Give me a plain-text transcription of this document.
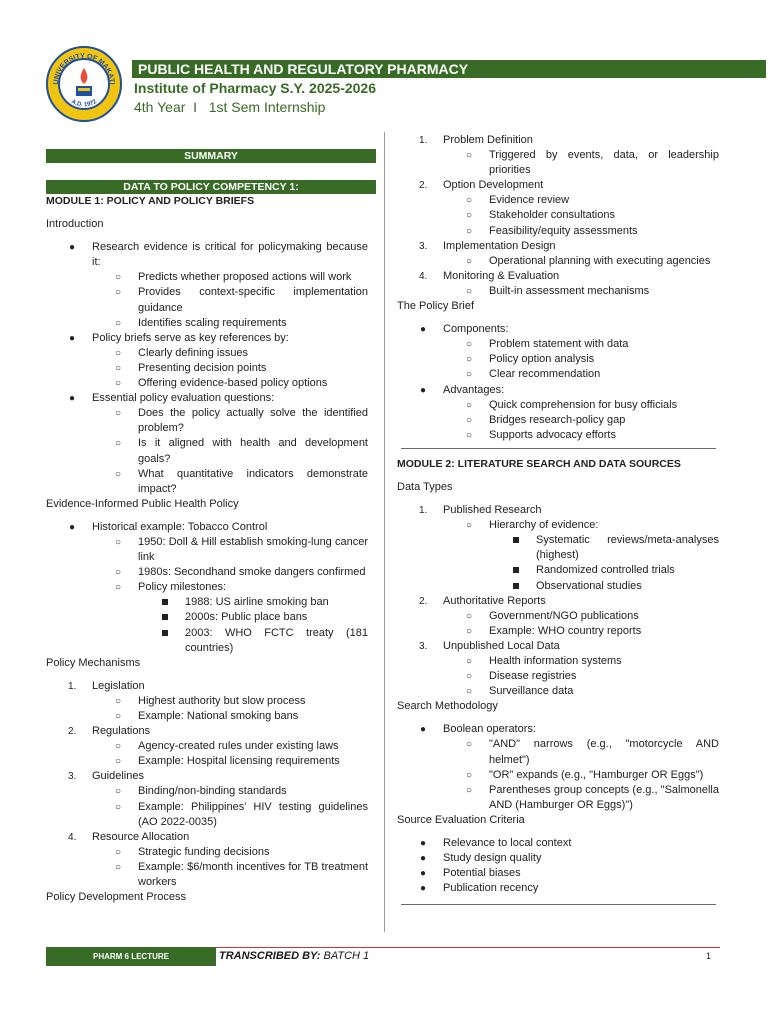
UNIVERSITY OF MAKATI
A.D. 1972
PUBLIC HEALTH AND REGULATORY PHARMACY
Institute of Pharmacy S.Y. 2025-2026
4th Year  I   1st Sem Internship
SUMMARY
DATA TO POLICY COMPETENCY 1:
MODULE 1: POLICY AND POLICY BRIEFS
Introduction
● Research evidence is critical for policymaking because it:
○ Predicts whether proposed actions will work
○ Provides context-specific implementation guidance
○ Identifies scaling requirements
● Policy briefs serve as key references by:
○ Clearly defining issues
○ Presenting decision points
○ Offering evidence-based policy options
● Essential policy evaluation questions:
○ Does the policy actually solve the identified problem?
○ Is it aligned with health and development goals?
○ What quantitative indicators demonstrate impact?
Evidence-Informed Public Health Policy
● Historical example: Tobacco Control
○ 1950: Doll & Hill establish smoking-lung cancer link
○ 1980s: Secondhand smoke dangers confirmed
○ Policy milestones:
1988: US airline smoking ban
2000s: Public place bans
2003: WHO FCTC treaty (181 countries)
Policy Mechanisms
1. Legislation
○ Highest authority but slow process
○ Example: National smoking bans
2. Regulations
○ Agency-created rules under existing laws
○ Example: Hospital licensing requirements
3. Guidelines
○ Binding/non-binding standards
○ Example: Philippines' HIV testing guidelines (AO 2022-0035)
4. Resource Allocation
○ Strategic funding decisions
○ Example: $6/month incentives for TB treatment workers
Policy Development Process
1. Problem Definition
○ Triggered by events, data, or leadership priorities
2. Option Development
○ Evidence review
○ Stakeholder consultations
○ Feasibility/equity assessments
3. Implementation Design
○ Operational planning with executing agencies
4. Monitoring & Evaluation
○ Built-in assessment mechanisms
The Policy Brief
● Components:
○ Problem statement with data
○ Policy option analysis
○ Clear recommendation
● Advantages:
○ Quick comprehension for busy officials
○ Bridges research-policy gap
○ Supports advocacy efforts
MODULE 2: LITERATURE SEARCH AND DATA SOURCES
Data Types
1. Published Research
○ Hierarchy of evidence:
Systematic reviews/meta-analyses (highest)
Randomized controlled trials
Observational studies
2. Authoritative Reports
○ Government/NGO publications
○ Example: WHO country reports
3. Unpublished Local Data
○ Health information systems
○ Disease registries
○ Surveillance data
Search Methodology
● Boolean operators:
○ "AND" narrows (e.g., "motorcycle AND helmet")
○ "OR" expands (e.g., "Hamburger OR Eggs")
○ Parentheses group concepts (e.g., "Salmonella AND (Hamburger OR Eggs)")
Source Evaluation Criteria
● Relevance to local context
● Study design quality
● Potential biases
● Publication recency
PHARM 6 LECTURE	TRANSCRIBED BY: BATCH 1	1
